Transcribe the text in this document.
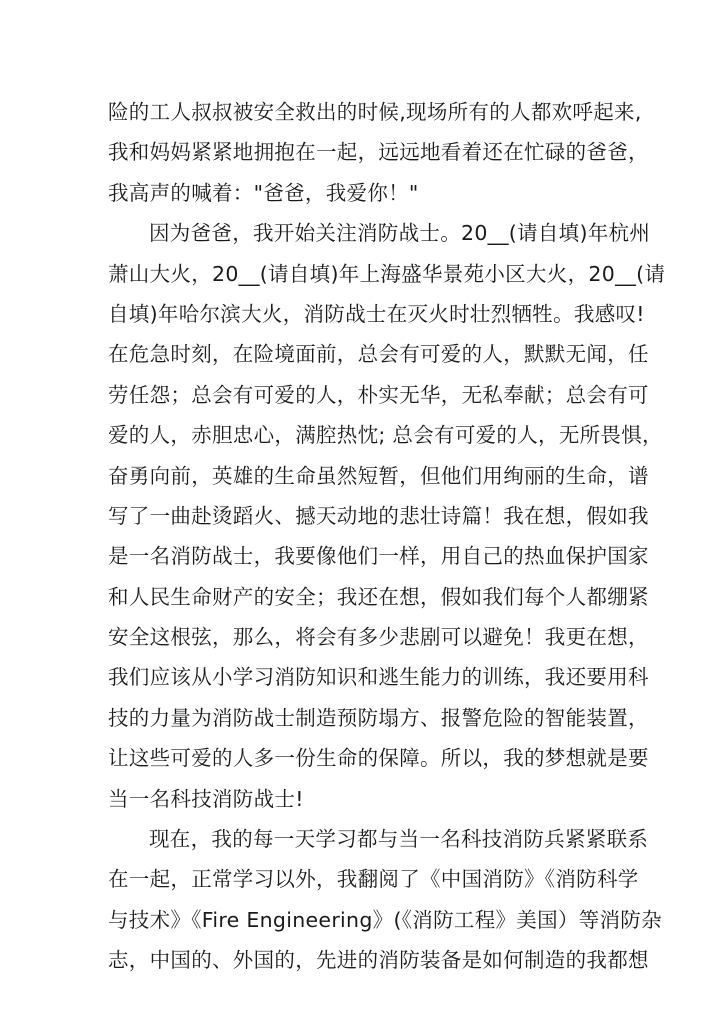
险的工人叔叔被安全救出的时候,现场所有的人都欢呼起来,
我和妈妈紧紧地拥抱在一起，远远地看着还在忙碌的爸爸，
我高声的喊着："爸爸，我爱你！"
因为爸爸，我开始关注消防战士。20__(请自填)年杭州
萧山大火，20__(请自填)年上海盛华景苑小区大火，20__(请
自填)年哈尔滨大火，消防战士在灭火时壮烈牺牲。我感叹!
在危急时刻，在险境面前，总会有可爱的人，默默无闻，任
劳任怨；总会有可爱的人，朴实无华，无私奉献；总会有可
爱的人，赤胆忠心，满腔热忱; 总会有可爱的人，无所畏惧，
奋勇向前，英雄的生命虽然短暂，但他们用绚丽的生命，谱
写了一曲赴烫蹈火、撼天动地的悲壮诗篇！我在想，假如我
是一名消防战士，我要像他们一样，用自己的热血保护国家
和人民生命财产的安全；我还在想，假如我们每个人都绷紧
安全这根弦，那么，将会有多少悲剧可以避免！我更在想，
我们应该从小学习消防知识和逃生能力的训练，我还要用科
技的力量为消防战士制造预防塌方、报警危险的智能装置，
让这些可爱的人多一份生命的保障。所以，我的梦想就是要
当一名科技消防战士!
现在，我的每一天学习都与当一名科技消防兵紧紧联系
在一起，正常学习以外，我翻阅了《中国消防》《消防科学
与技术》《Fire Engineering》(《消防工程》美国）等消防杂
志，中国的、外国的，先进的消防装备是如何制造的我都想
